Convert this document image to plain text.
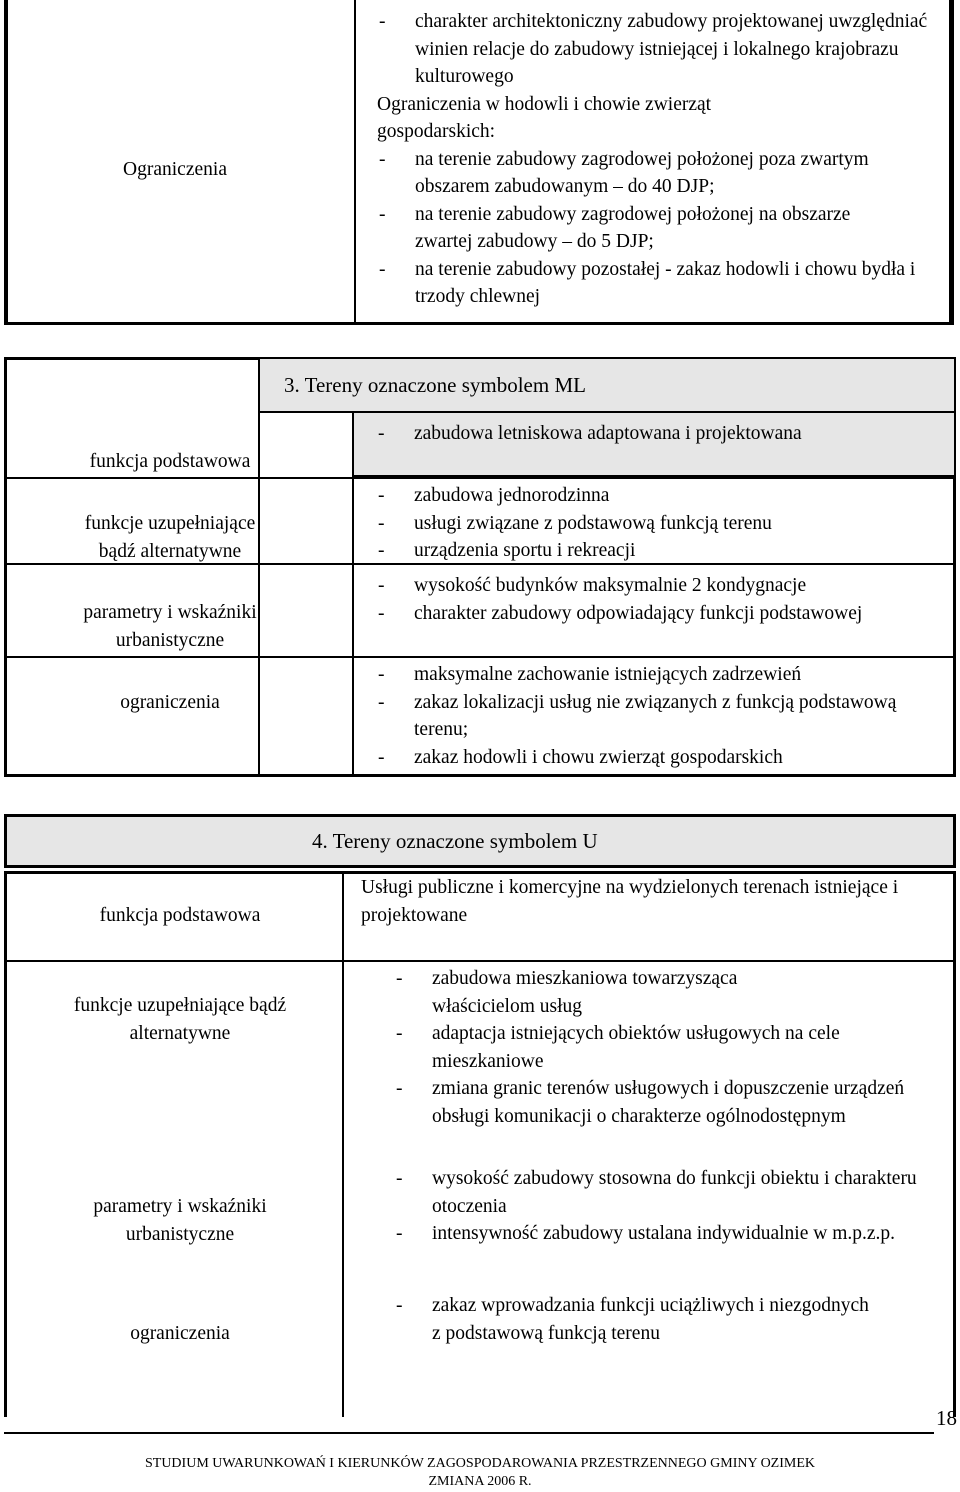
Ograniczenia
- charakter architektoniczny zabudowy projektowanej uwzględniać winien relacje do zabudowy istniejącej i lokalnego krajobrazu kulturowego
Ograniczenia w hodowli i chowie zwierząt gospodarskich:
- na terenie zabudowy zagrodowej położonej poza zwartym obszarem zabudowanym – do 40 DJP;
- na terenie zabudowy zagrodowej położonej na obszarze zwartej zabudowy – do 5 DJP;
- na terenie zabudowy pozostałej - zakaz hodowli i chowu bydła i trzody chlewnej
3. Tereny oznaczone symbolem ML
funkcja podstawowa
funkcje uzupełniające bądź alternatywne
parametry i wskaźniki urbanistyczne
ograniczenia
- zabudowa letniskowa adaptowana i projektowana
- zabudowa jednorodzinna
- usługi związane z podstawową funkcją terenu
- urządzenia sportu i rekreacji
- wysokość budynków maksymalnie 2 kondygnacje
- charakter zabudowy odpowiadający funkcji podstawowej
- maksymalne zachowanie istniejących zadrzewień
- zakaz lokalizacji usług nie związanych z funkcją podstawową terenu;
- zakaz hodowli i chowu zwierząt gospodarskich
4. Tereny oznaczone symbolem U
funkcja podstawowa
Usługi publiczne i komercyjne na wydzielonych terenach istniejące i projektowane
funkcje uzupełniające bądź alternatywne
parametry i wskaźniki urbanistyczne
ograniczenia
- zabudowa mieszkaniowa towarzysząca właścicielom usług
- adaptacja istniejących obiektów usługowych na cele mieszkaniowe
- zmiana granic terenów usługowych i dopuszczenie urządzeń obsługi komunikacji o charakterze ogólnodostępnym
- wysokość zabudowy stosowna do funkcji obiektu i charakteru otoczenia
- intensywność zabudowy ustalana indywidualnie w m.p.z.p.
- zakaz wprowadzania funkcji uciążliwych i niezgodnych z podstawową funkcją terenu
18
STUDIUM UWARUNKOWAŃ I KIERUNKÓW ZAGOSPODAROWANIA PRZESTRZENNEGO GMINY OZIMEK
ZMIANA 2006 R.
